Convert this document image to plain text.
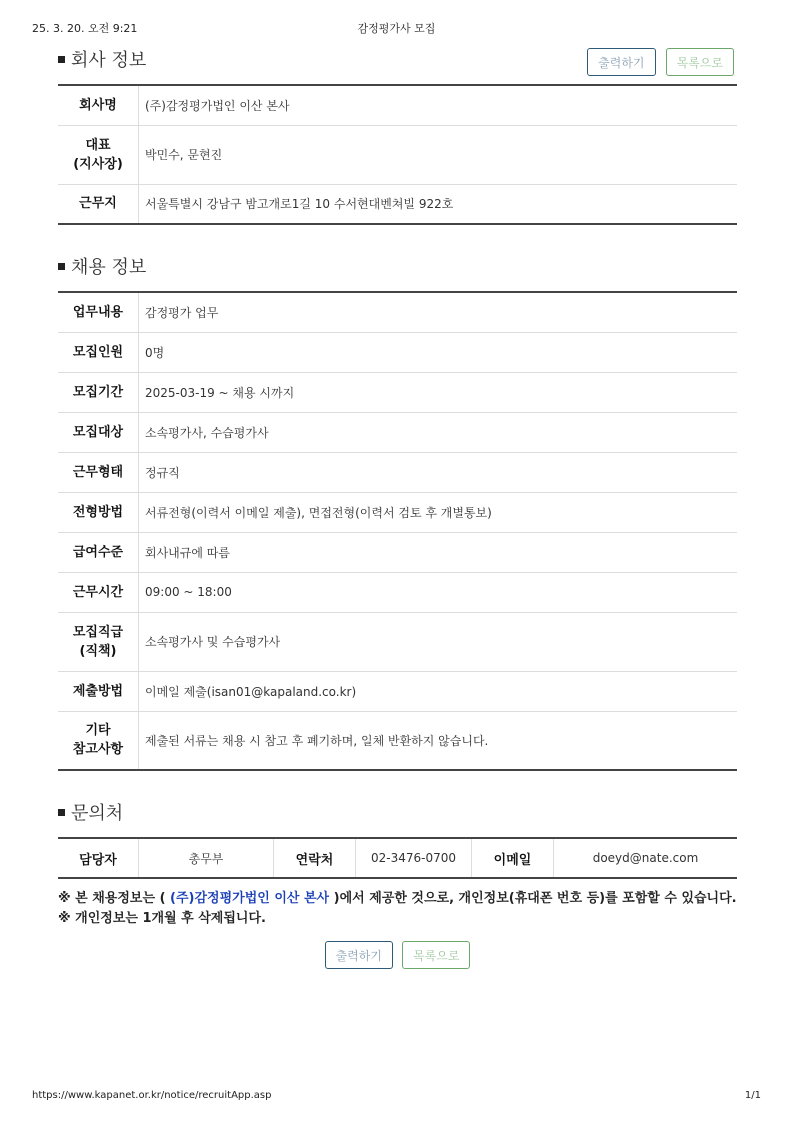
25. 3. 20. 오전 9:21	감정평가사 모집
회사 정보	출력하기	목록으로
회사명	(주)감정평가법인 이산 본사
대표
(지사장)	박민수, 문현진
근무지	서울특별시 강남구 밤고개로1길 10 수서현대벤쳐빌 922호
채용 정보
업무내용	감정평가 업무
모집인원	0명
모집기간	2025-03-19 ~ 채용 시까지
모집대상	소속평가사, 수습평가사
근무형태	정규직
전형방법	서류전형(이력서 이메일 제출), 면접전형(이력서 검토 후 개별통보)
급여수준	회사내규에 따름
근무시간	09:00 ~ 18:00
모집직급
(직책)	소속평가사 및 수습평가사
제출방법	이메일 제출(isan01@kapaland.co.kr)
기타
참고사항	제출된 서류는 채용 시 참고 후 폐기하며, 일체 반환하지 않습니다.
문의처
담당자	총무부	연락처	02-3476-0700	이메일	doeyd@nate.com
※ 본 채용정보는 ( (주)감정평가법인 이산 본사 )에서 제공한 것으로, 개인정보(휴대폰 번호 등)를 포함할 수 있습니다.
※ 개인정보는 1개월 후 삭제됩니다.
출력하기	목록으로
https://www.kapanet.or.kr/notice/recruitApp.asp	1/1
